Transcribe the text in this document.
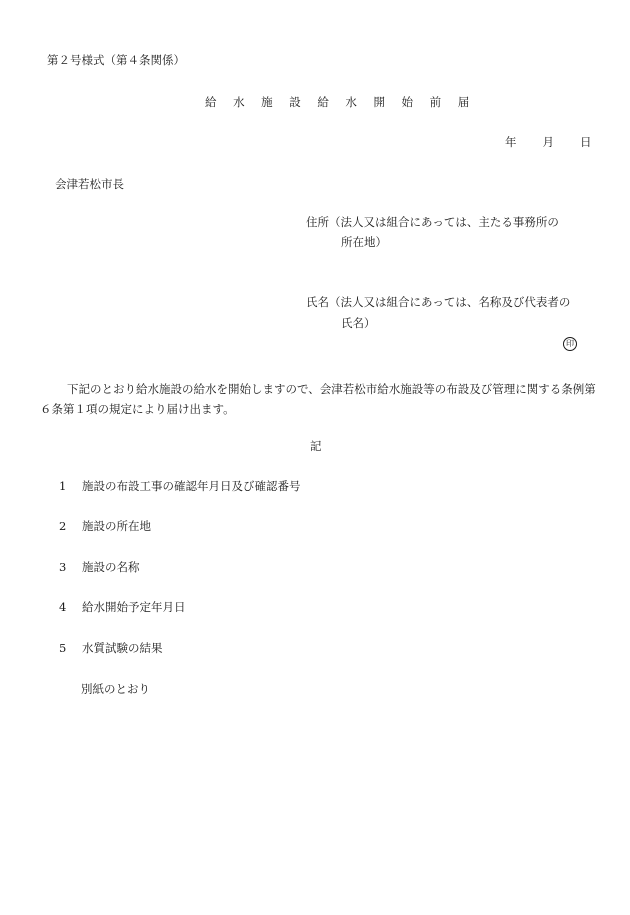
第２号様式（第４条関係）
給 水 施 設 給 水 開 始 前 届
年 月 日
会津若松市長
住所（法人又は組合にあっては、主たる事務所の
所在地）
氏名（法人又は組合にあっては、名称及び代表者の
氏名）
印
下記のとおり給水施設の給水を開始しますので、会津若松市給水施設等の布設及び管理に関する条例第６条第１項の規定により届け出ます。
記
1 施設の布設工事の確認年月日及び確認番号
2 施設の所在地
3 施設の名称
4 給水開始予定年月日
5 水質試験の結果
別紙のとおり
